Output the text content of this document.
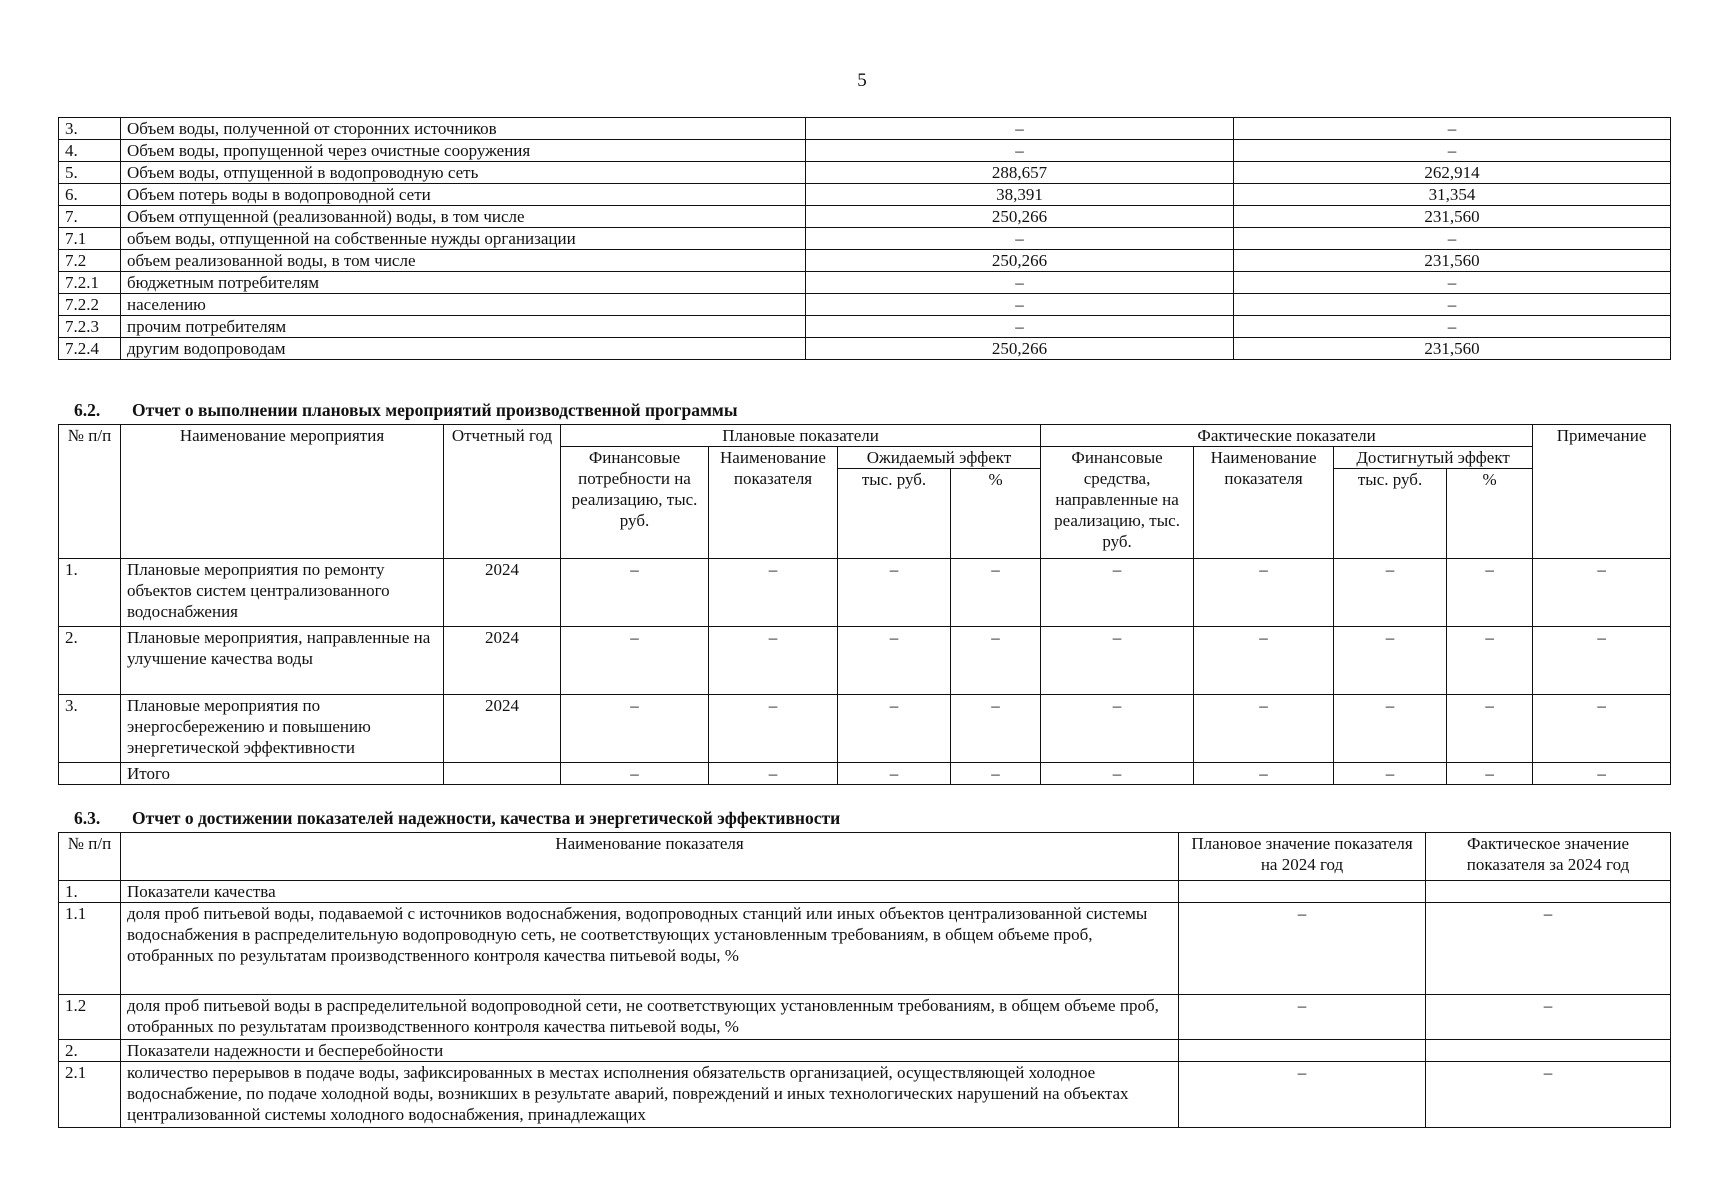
5
3.	Объем воды, полученной от сторонних источников	–	–
4.	Объем воды, пропущенной через очистные сооружения	–	–
5.	Объем воды, отпущенной в водопроводную сеть	288,657	262,914
6.	Объем потерь воды в водопроводной сети	38,391	31,354
7.	Объем отпущенной (реализованной) воды, в том числе	250,266	231,560
7.1	объем воды, отпущенной на собственные нужды организации	–	–
7.2	объем реализованной воды, в том числе	250,266	231,560
7.2.1	бюджетным потребителям	–	–
7.2.2	населению	–	–
7.2.3	прочим потребителям	–	–
7.2.4	другим водопроводам	250,266	231,560
6.2. Отчет о выполнении плановых мероприятий производственной программы
№ п/п	Наименование мероприятия	Отчетный год	Плановые показатели				Фактические показатели				Примечание
			Финансовые потребности на реализацию, тыс. руб.	Наименование показателя	Ожидаемый эффект		Финансовые средства, направленные на реализацию, тыс. руб.	Наименование показателя	Достигнутый эффект		
					тыс. руб.	%			тыс. руб.	%	
1.	Плановые мероприятия по ремонту объектов систем централизованного водоснабжения	2024	–	–	–	–	–	–	–	–	–
2.	Плановые мероприятия, направленные на улучшение качества воды	2024	–	–	–	–	–	–	–	–	–
3.	Плановые мероприятия по энергосбережению и повышению энергетической эффективности	2024	–	–	–	–	–	–	–	–	–
	Итого		–	–	–	–	–	–	–	–	–
6.3. Отчет о достижении показателей надежности, качества и энергетической эффективности
№ п/п	Наименование показателя	Плановое значение показателя на 2024 год	Фактическое значение показателя за 2024 год
1.	Показатели качества		
1.1	доля проб питьевой воды, подаваемой с источников водоснабжения, водопроводных станций или иных объектов централизованной системы водоснабжения в распределительную водопроводную сеть, не соответствующих установленным требованиям, в общем объеме проб, отобранных по результатам производственного контроля качества питьевой воды, %	–	–
1.2	доля проб питьевой воды в распределительной водопроводной сети, не соответствующих установленным требованиям, в общем объеме проб, отобранных по результатам производственного контроля качества питьевой воды, %	–	–
2.	Показатели надежности и бесперебойности		
2.1	количество перерывов в подаче воды, зафиксированных в местах исполнения обязательств организацией, осуществляющей холодное водоснабжение, по подаче холодной воды, возникших в результате аварий, повреждений и иных технологических нарушений на объектах централизованной системы холодного водоснабжения, принадлежащих	–	–
